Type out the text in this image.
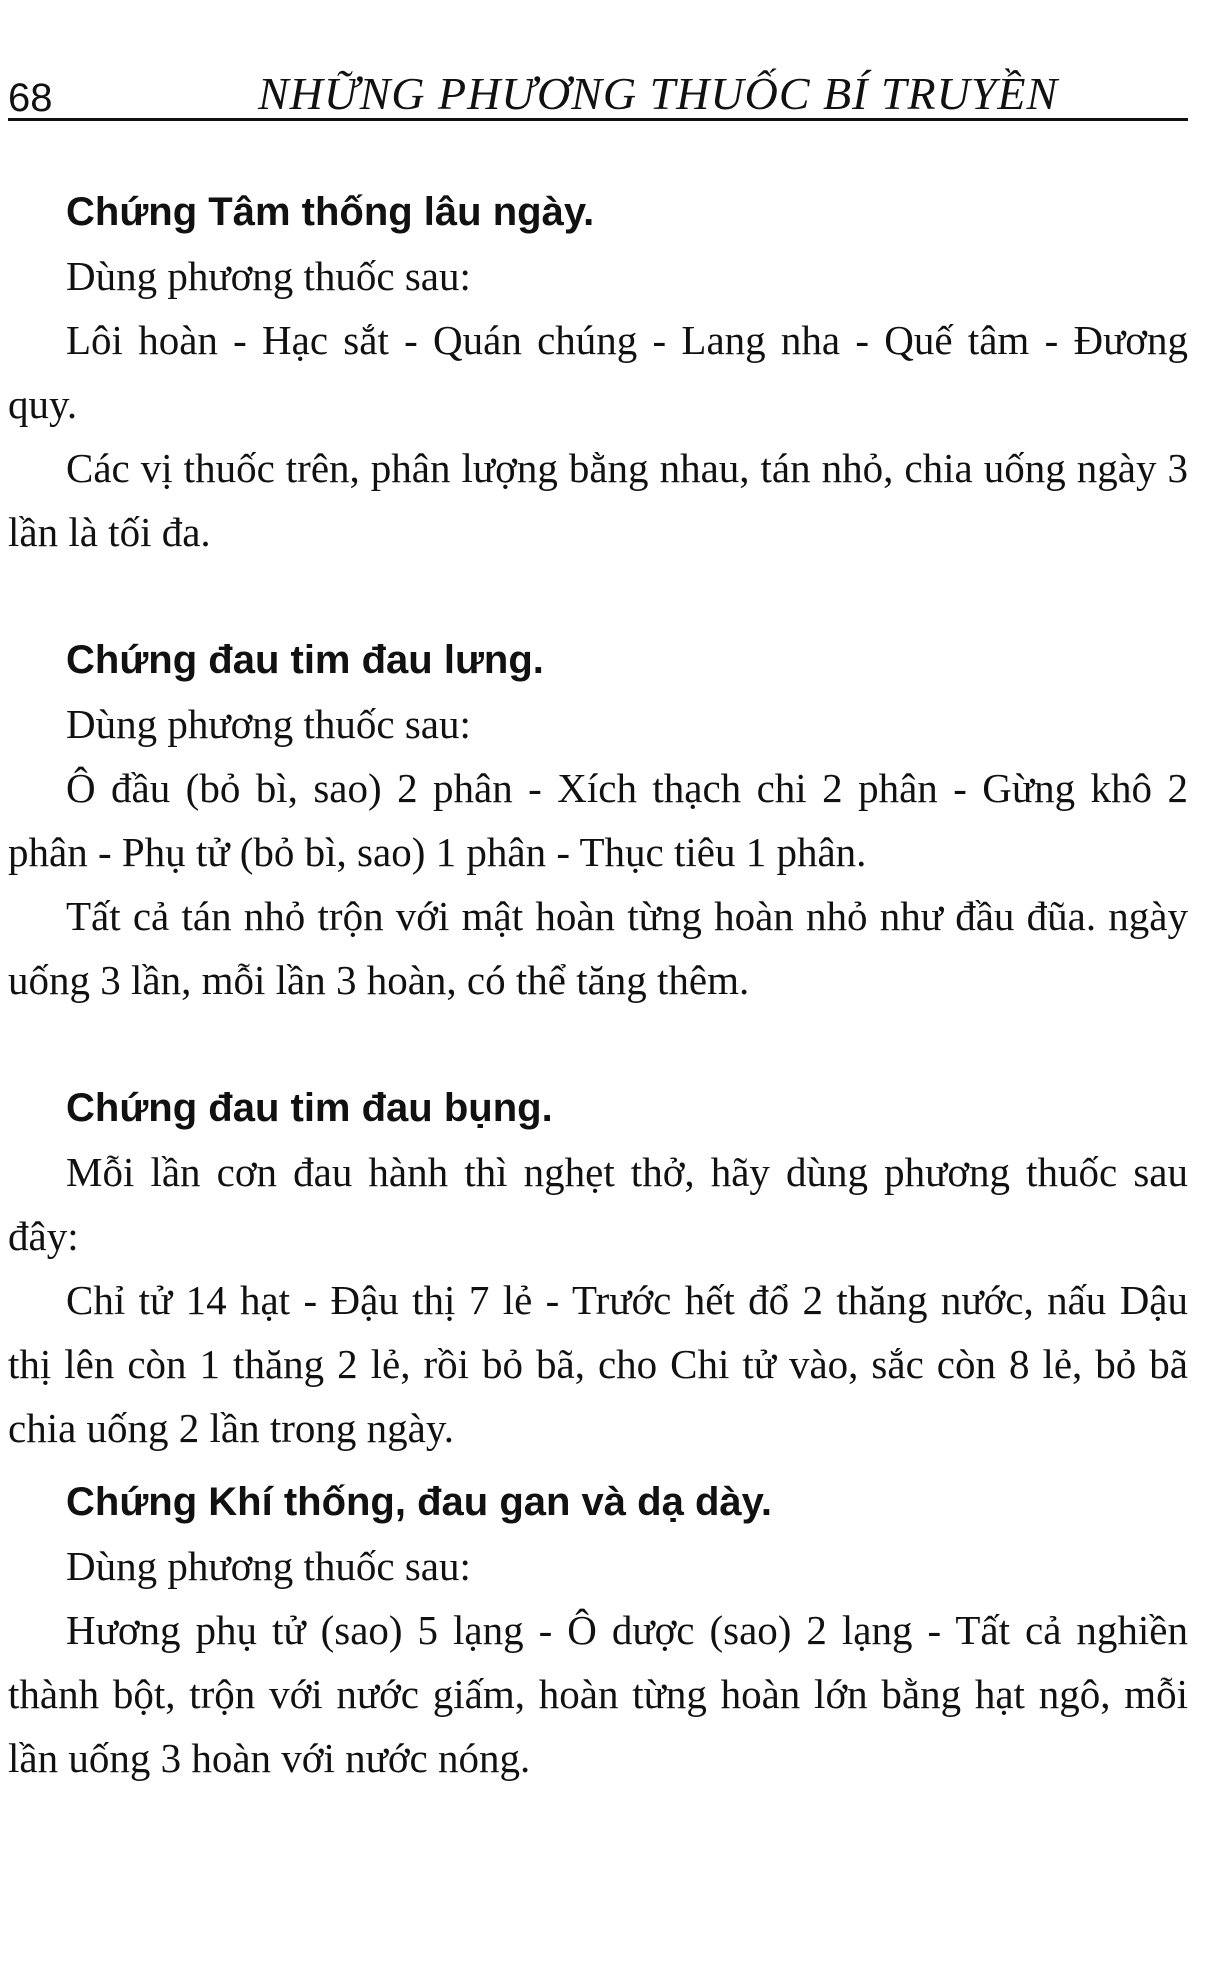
68	NHỮNG PHƯƠNG THUỐC BÍ TRUYỀN
Chứng Tâm thống lâu ngày.

Dùng phương thuốc sau:

Lôi hoàn - Hạc sắt - Quán chúng - Lang nha - Quế tâm - Đương quy.

Các vị thuốc trên, phân lượng bằng nhau, tán nhỏ, chia uống ngày 3 lần là tối đa.

Chứng đau tim đau lưng.

Dùng phương thuốc sau:

Ô đầu (bỏ bì, sao) 2 phân - Xích thạch chi 2 phân - Gừng khô 2 phân - Phụ tử (bỏ bì, sao) 1 phân - Thục tiêu 1 phân.

Tất cả tán nhỏ trộn với mật hoàn từng hoàn nhỏ như đầu đũa. ngày uống 3 lần, mỗi lần 3 hoàn, có thể tăng thêm.

Chứng đau tim đau bụng.

Mỗi lần cơn đau hành thì nghẹt thở, hãy dùng phương thuốc sau đây:

Chỉ tử 14 hạt - Đậu thị 7 lẻ - Trước hết đổ 2 thăng nước, nấu Dậu thị lên còn 1 thăng 2 lẻ, rồi bỏ bã, cho Chi tử vào, sắc còn 8 lẻ, bỏ bã chia uống 2 lần trong ngày.

Chứng Khí thống, đau gan và dạ dày.

Dùng phương thuốc sau:

Hương phụ tử (sao) 5 lạng - Ô dược (sao) 2 lạng - Tất cả nghiền thành bột, trộn với nước giấm, hoàn từng hoàn lớn bằng hạt ngô, mỗi lần uống 3 hoàn với nước nóng.
